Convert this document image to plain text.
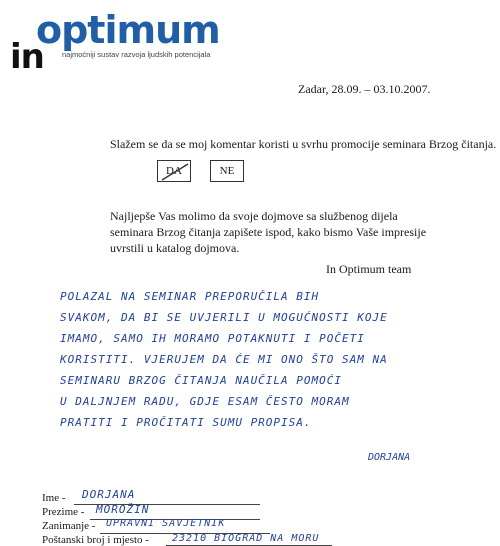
optimum
in najmoćniji sustav razvoja ljudskih potencijala
Zadar, 28.09. – 03.10.2007.
Slažem se da se moj komentar koristi u svrhu promocije seminara Brzog čitanja.
DA	NE
Najljepše Vas molimo da svoje dojmove sa službenog dijela seminara Brzog čitanja zapišete ispod, kako bismo Vaše impresije uvrstili u katalog dojmova.
In Optimum team
POLAZAL NA SEMINAR PREPORUČILA BIH
SVAKOM, DA BI SE UVJERILI U MOGUĆNOSTI KOJE
IMAMO, SAMO IH MORAMO POTAKNUTI I POČETI
KORISTITI. VJERUJEM DA ĆE MI ONO ŠTO SAM NA
SEMINARU BRZOG ČITANJA NAUČILA POMOĆI
U DALJNJEM RADU, GDJE ESAM ČESTO MORAM
PRATITI I PROČITATI SUMU PROPISA.
DORJANA
Ime - DORJANA
Prezime - MOROŽIN
Zanimanje - UPRAVNI SAVJETNIK
Poštanski broj i mjesto - 23210 BIOGRAD NA MORU
